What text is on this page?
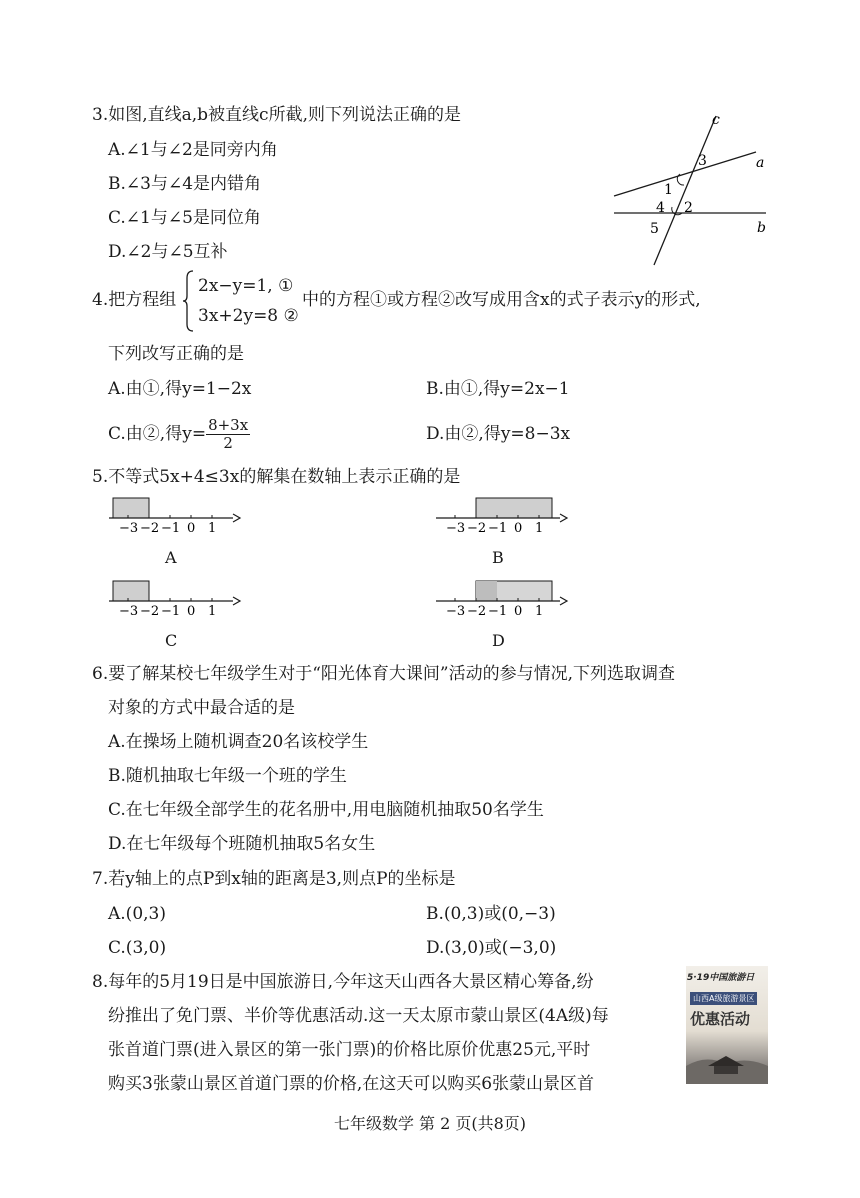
3.如图,直线a,b被直线c所截,则下列说法正确的是
A.∠1与∠2是同旁内角
B.∠3与∠4是内错角
C.∠1与∠5是同位角
D.∠2与∠5互补
c
a
b
3
1
4 2
5
4.把方程组
2x−y=1, ①
3x+2y=8 ②
中的方程①或方程②改写成用含x的式子表示y的形式,
下列改写正确的是
A.由①,得y=1−2x	B.由①,得y=2x−1
C.由②,得$y= \frac{8+3x}{2}$	D.由②,得y=8−3x
5.不等式5x+4≤3x的解集在数轴上表示正确的是
−3 −2 −1 0 1
A
−3 −2 −1 0 1
B
−3 −2 −1 0 1
C
−3 −2 −1 0 1
D
6.要了解某校七年级学生对于“阳光体育大课间”活动的参与情况,下列选取调查
对象的方式中最合适的是
A.在操场上随机调查20名该校学生
B.随机抽取七年级一个班的学生
C.在七年级全部学生的花名册中,用电脑随机抽取50名学生
D.在七年级每个班随机抽取5名女生
7.若y轴上的点P到x轴的距离是3,则点P的坐标是
A.(0,3)	B.(0,3)或(0,−3)
C.(3,0)	D.(3,0)或(−3,0)
8.每年的5月19日是中国旅游日,今年这天山西各大景区精心筹备,纷
纷推出了免门票、半价等优惠活动.这一天太原市蒙山景区(4A级)每
张首道门票(进入景区的第一张门票)的价格比原价优惠25元,平时
购买3张蒙山景区首道门票的价格,在这天可以购买6张蒙山景区首
5·19中国旅游日
山西A级旅游景区
优惠活动
七年级数学 第 2 页(共8页)
